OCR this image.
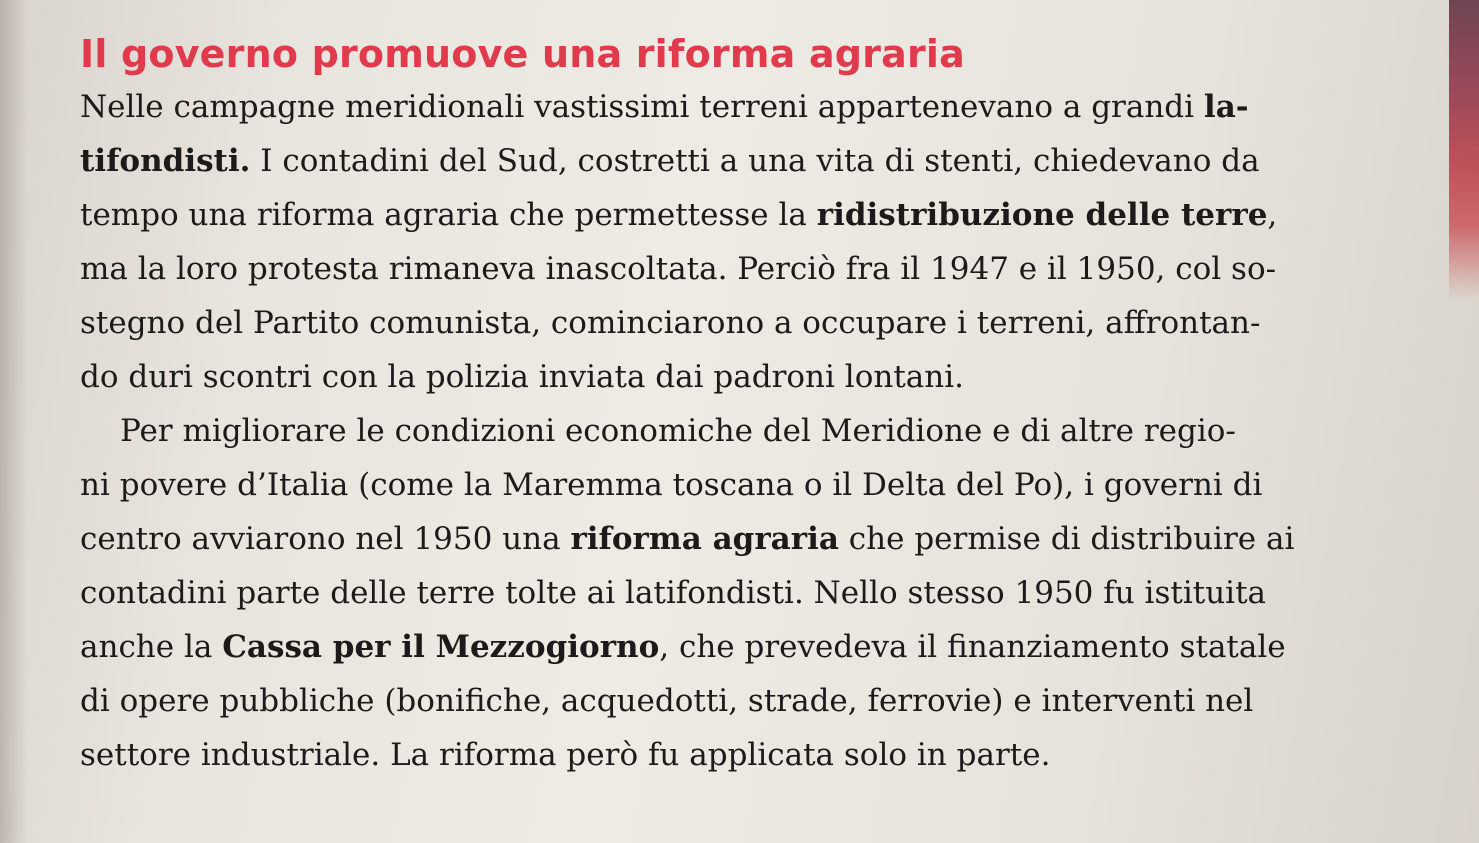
Il governo promuove una riforma agraria
Nelle campagne meridionali vastissimi terreni appartenevano a grandi la-
tifondisti. I contadini del Sud, costretti a una vita di stenti, chiedevano da
tempo una riforma agraria che permettesse la ridistribuzione delle terre,
ma la loro protesta rimaneva inascoltata. Perciò fra il 1947 e il 1950, col so-
stegno del Partito comunista, cominciarono a occupare i terreni, affrontan-
do duri scontri con la polizia inviata dai padroni lontani.
Per migliorare le condizioni economiche del Meridione e di altre regio-
ni povere d’Italia (come la Maremma toscana o il Delta del Po), i governi di
centro avviarono nel 1950 una riforma agraria che permise di distribuire ai
contadini parte delle terre tolte ai latifondisti. Nello stesso 1950 fu istituita
anche la Cassa per il Mezzogiorno, che prevedeva il finanziamento statale
di opere pubbliche (bonifiche, acquedotti, strade, ferrovie) e interventi nel
settore industriale. La riforma però fu applicata solo in parte.
